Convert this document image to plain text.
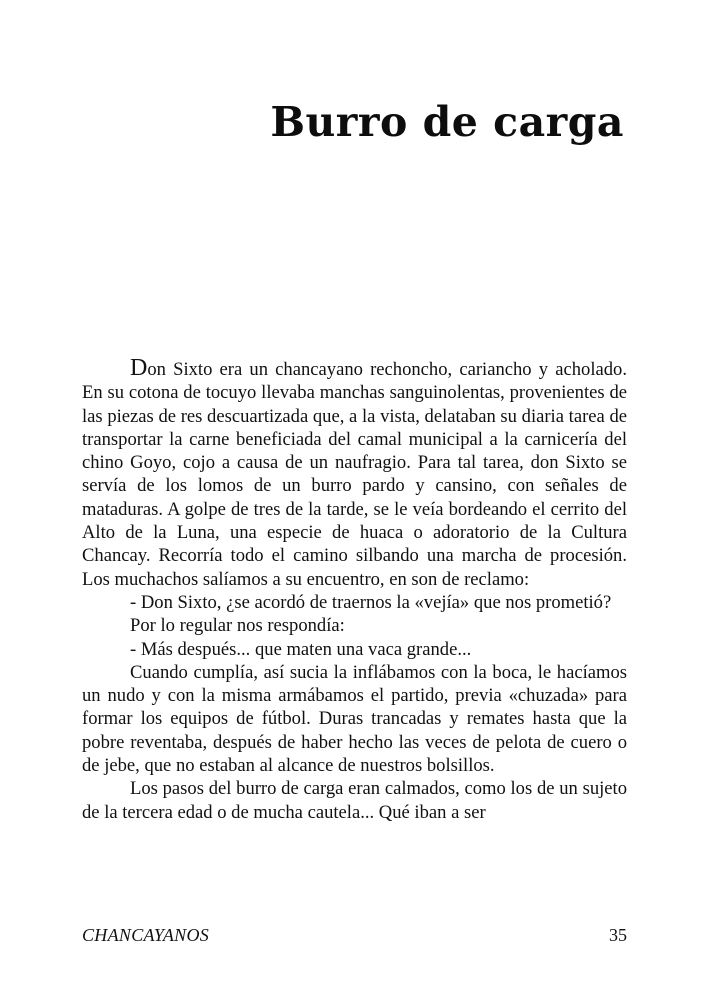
Burro de carga

Don Sixto era un chancayano rechoncho, cariancho y acholado. En su cotona de tocuyo llevaba manchas sanguinolentas, provenientes de las piezas de res descuartizada que, a la vista, delataban su diaria tarea de transportar la carne beneficiada del camal municipal a la carnicería del chino Goyo, cojo a causa de un naufragio. Para tal tarea, don Sixto se servía de los lomos de un burro pardo y cansino, con señales de mataduras. A golpe de tres de la tarde, se le veía bordeando el cerrito del Alto de la Luna, una especie de huaca o adoratorio de la Cultura Chancay. Recorría todo el camino silbando una marcha de procesión. Los muchachos salíamos a su encuentro, en son de reclamo:

- Don Sixto, ¿se acordó de traernos la «vejía» que nos prometió?

Por lo regular nos respondía:

- Más después... que maten una vaca grande...

Cuando cumplía, así sucia la inflábamos con la boca, le hacíamos un nudo y con la misma armábamos el partido, previa «chuzada» para formar los equipos de fútbol. Duras trancadas y remates hasta que la pobre reventaba, después de haber hecho las veces de pelota de cuero o de jebe, que no estaban al alcance de nuestros bolsillos.

Los pasos del burro de carga eran calmados, como los de un sujeto de la tercera edad o de mucha cautela... Qué iban a ser

CHANCAYANOS	35
